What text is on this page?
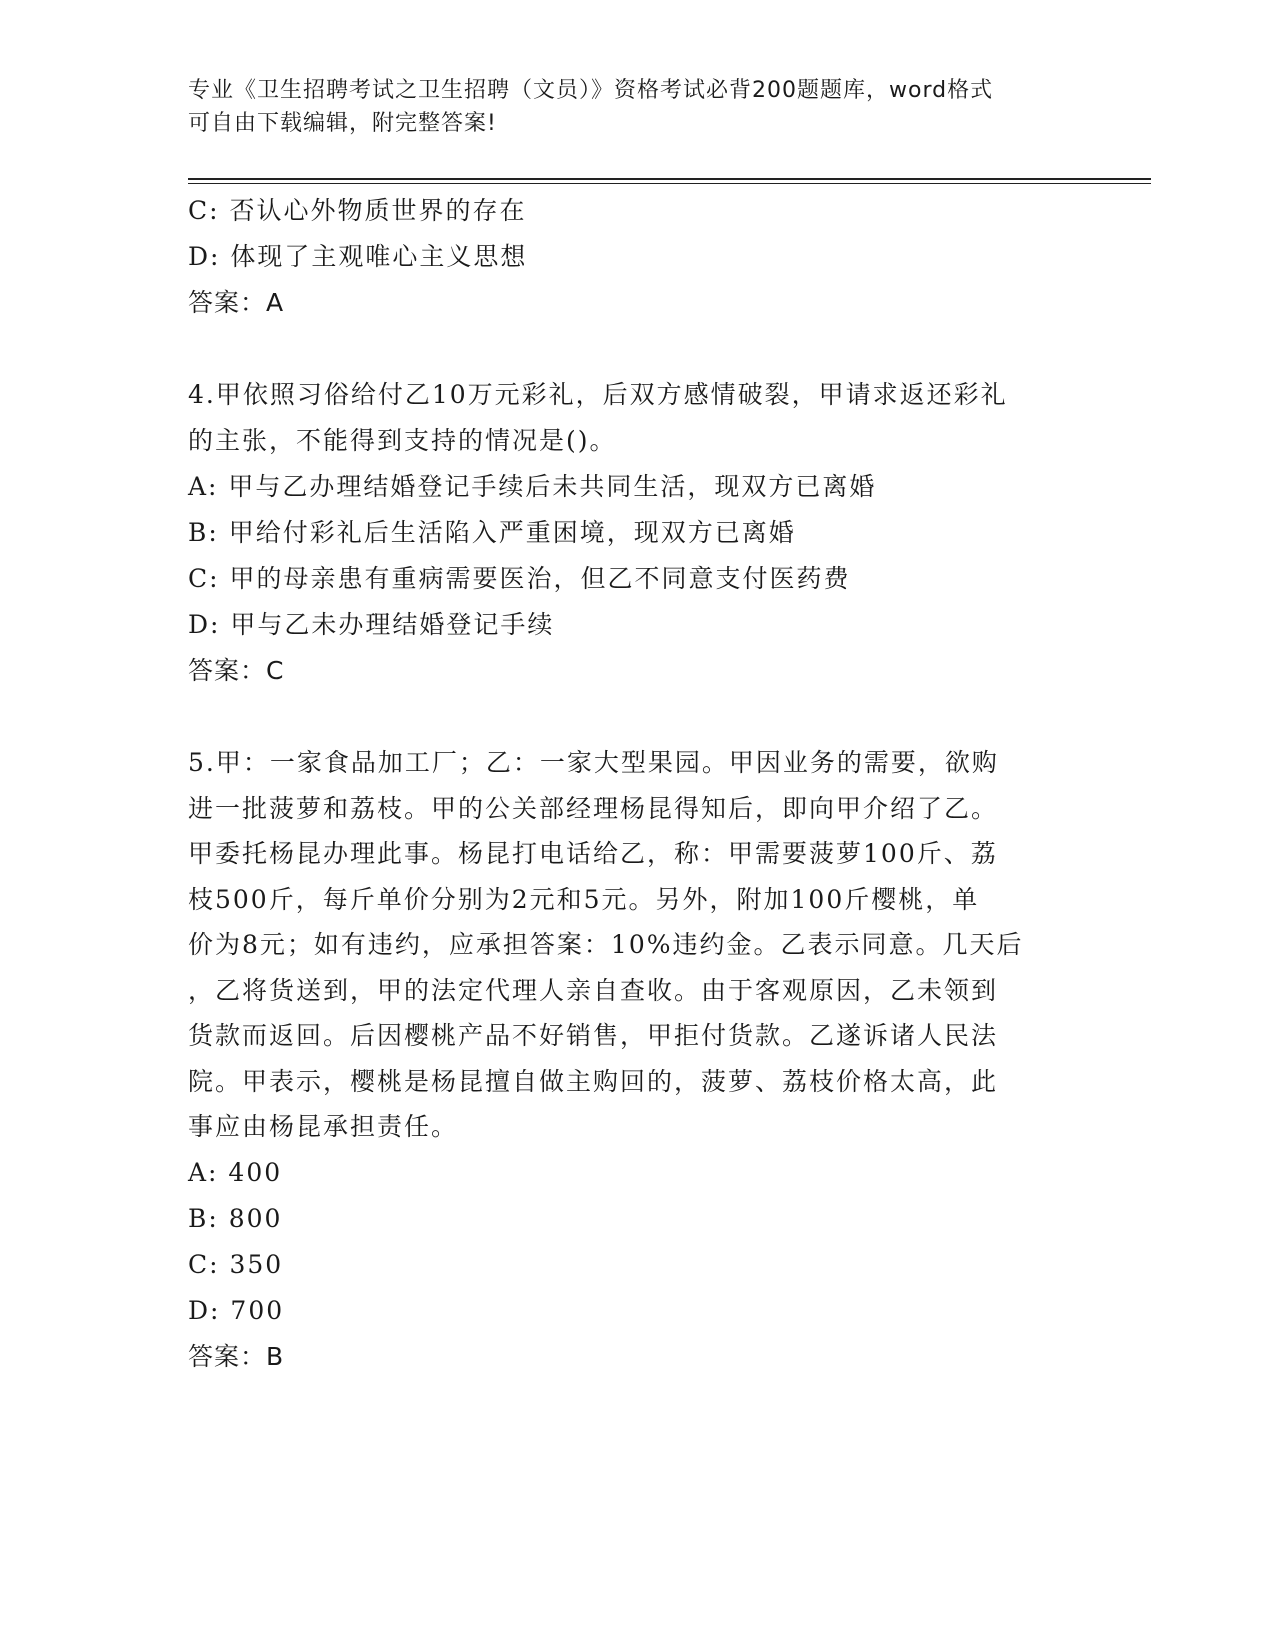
专业《卫生招聘考试之卫生招聘（文员）》资格考试必背200题题库，word格式
可自由下载编辑，附完整答案!
C: 否认心外物质世界的存在
D: 体现了主观唯心主义思想
答案：A
4.甲依照习俗给付乙10万元彩礼，后双方感情破裂，甲请求返还彩礼
的主张，不能得到支持的情况是()。
A: 甲与乙办理结婚登记手续后未共同生活，现双方已离婚
B: 甲给付彩礼后生活陷入严重困境，现双方已离婚
C: 甲的母亲患有重病需要医治，但乙不同意支付医药费
D: 甲与乙未办理结婚登记手续
答案：C
5.甲：一家食品加工厂；乙：一家大型果园。甲因业务的需要，欲购
进一批菠萝和荔枝。甲的公关部经理杨昆得知后，即向甲介绍了乙。
甲委托杨昆办理此事。杨昆打电话给乙，称：甲需要菠萝100斤、荔
枝500斤，每斤单价分别为2元和5元。另外，附加100斤樱桃，单
价为8元；如有违约，应承担答案：10%违约金。乙表示同意。几天后
，乙将货送到，甲的法定代理人亲自查收。由于客观原因，乙未领到
货款而返回。后因樱桃产品不好销售，甲拒付货款。乙遂诉诸人民法
院。甲表示，樱桃是杨昆擅自做主购回的，菠萝、荔枝价格太高，此
事应由杨昆承担责任。
A: 400
B: 800
C: 350
D: 700
答案：B
